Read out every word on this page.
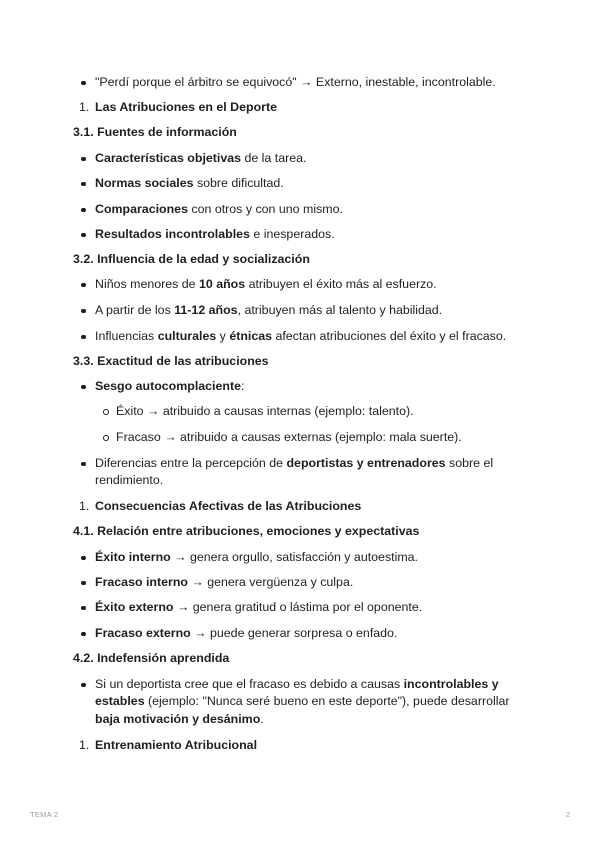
"Perdí porque el árbitro se equivocó" → Externo, inestable, incontrolable.
1. Las Atribuciones en el Deporte
3.1. Fuentes de información
Características objetivas de la tarea.
Normas sociales sobre dificultad.
Comparaciones con otros y con uno mismo.
Resultados incontrolables e inesperados.
3.2. Influencia de la edad y socialización
Niños menores de 10 años atribuyen el éxito más al esfuerzo.
A partir de los 11-12 años, atribuyen más al talento y habilidad.
Influencias culturales y étnicas afectan atribuciones del éxito y el fracaso.
3.3. Exactitud de las atribuciones
Sesgo autocomplaciente:
Éxito → atribuido a causas internas (ejemplo: talento).
Fracaso → atribuido a causas externas (ejemplo: mala suerte).
Diferencias entre la percepción de deportistas y entrenadores sobre el
rendimiento.
1. Consecuencias Afectivas de las Atribuciones
4.1. Relación entre atribuciones, emociones y expectativas
Éxito interno → genera orgullo, satisfacción y autoestima.
Fracaso interno → genera vergüenza y culpa.
Éxito externo → genera gratitud o lástima por el oponente.
Fracaso externo → puede generar sorpresa o enfado.
4.2. Indefensión aprendida
Si un deportista cree que el fracaso es debido a causas incontrolables y
estables (ejemplo: "Nunca seré bueno en este deporte"), puede desarrollar
baja motivación y desánimo.
1. Entrenamiento Atribucional
TEMA 2	2
